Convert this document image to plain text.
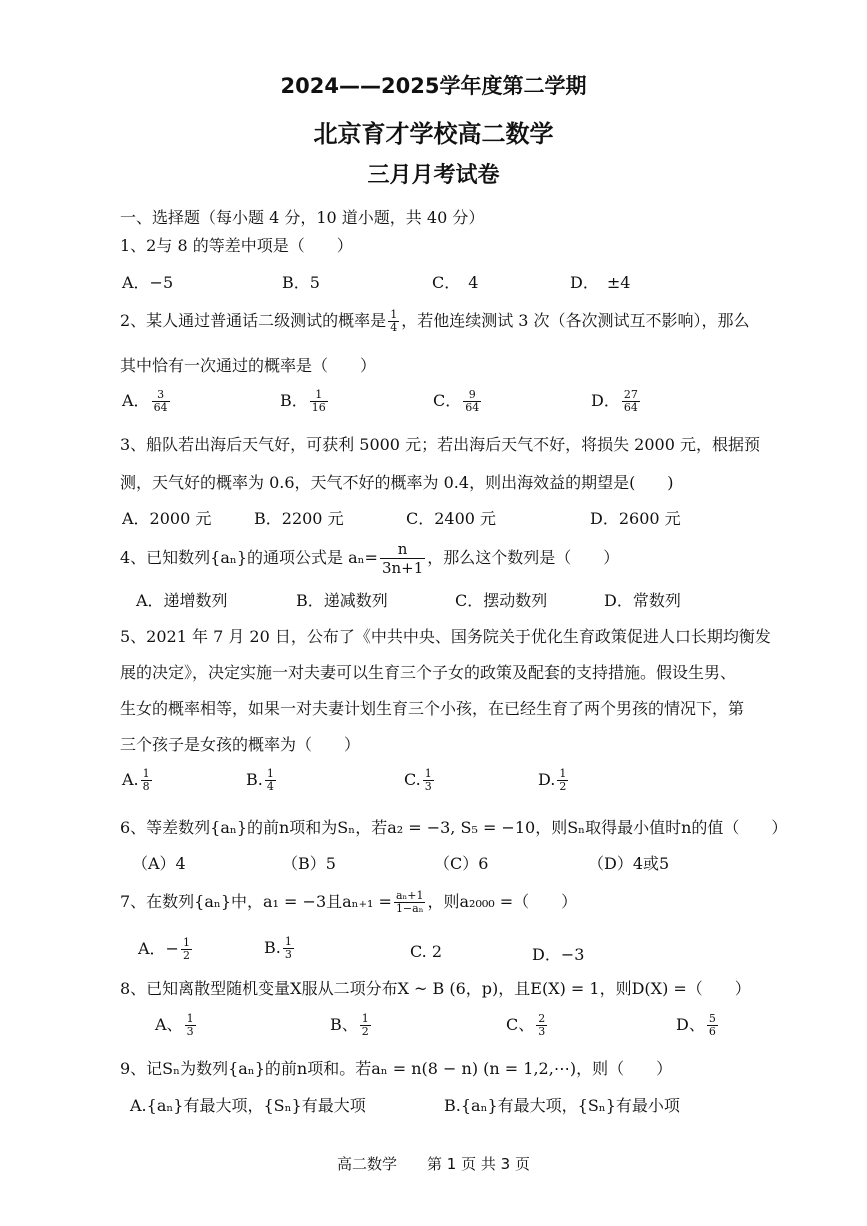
2024——2025学年度第二学期
北京育才学校高二数学
三月月考试卷
一、选择题（每小题 4 分，10 道小题，共 40 分）
1、2与 8 的等差中项是（　　）
A．−5	B．5	C．　4	D．　±4
2、某人通过普通话二级测试的概率是 $\frac{1}{4}$ ，若他连续测试 3 次（各次测试互不影响），那么
其中恰有一次通过的概率是（　　）
A． $\frac{3}{64}$	B． $\frac{1}{16}$	C． $\frac{9}{64}$	D． $\frac{27}{64}$
3、船队若出海后天气好，可获利 5000 元；若出海后天气不好，将损失 2000 元，根据预
测，天气好的概率为 0.6，天气不好的概率为 0.4，则出海效益的期望是(　　)
A．2000 元	B．2200 元	C．2400 元	D．2600 元
4、已知数列{aₙ}的通项公式是 $a_n= \frac{n}{3n+1}$ ，那么这个数列是（　　）
A．递增数列	B．递减数列	C．摆动数列	D．常数列
5、2021 年 7 月 20 日，公布了《中共中央、国务院关于优化生育政策促进人口长期均衡发
展的决定》，决定实施一对夫妻可以生育三个子女的政策及配套的支持措施。假设生男、
生女的概率相等，如果一对夫妻计划生育三个小孩，在已经生育了两个男孩的情况下，第
三个孩子是女孩的概率为（　　）
A. $\frac{1}{8}$	B. $\frac{1}{4}$	C. $\frac{1}{3}$	D. $\frac{1}{2}$
6、等差数列{aₙ}的前n项和为Sₙ，若a₂ = −3, S₅ = −10，则Sₙ取得最小值时n的值（　　）
（A）4	（B）5	（C）6	（D）4或5
7、在数列{aₙ}中，a₁ = −3且$a_{n+1} = \frac{\text{aₙ+1}}{\text{1−aₙ}}$ ，则a₂₀₀₀ =（　　）
A．− $\frac{1}{2}$	B. $\frac{1}{3}$	C. 2	D．−3
8、已知离散型随机变量X服从二项分布X ~ B (6，p)，且E(X) = 1，则D(X) =（　　）
A、 $\frac{1}{3}$	B、 $\frac{1}{2}$	C、 $\frac{2}{3}$	D、 $\frac{5}{6}$
9、记Sₙ为数列{aₙ}的前n项和。若aₙ = n(8 − n) (n = 1,2,⋯)，则（　　）
A.{aₙ}有最大项，{Sₙ}有最大项	B.{aₙ}有最大项，{Sₙ}有最小项
高二数学　　第 1 页 共 3 页
